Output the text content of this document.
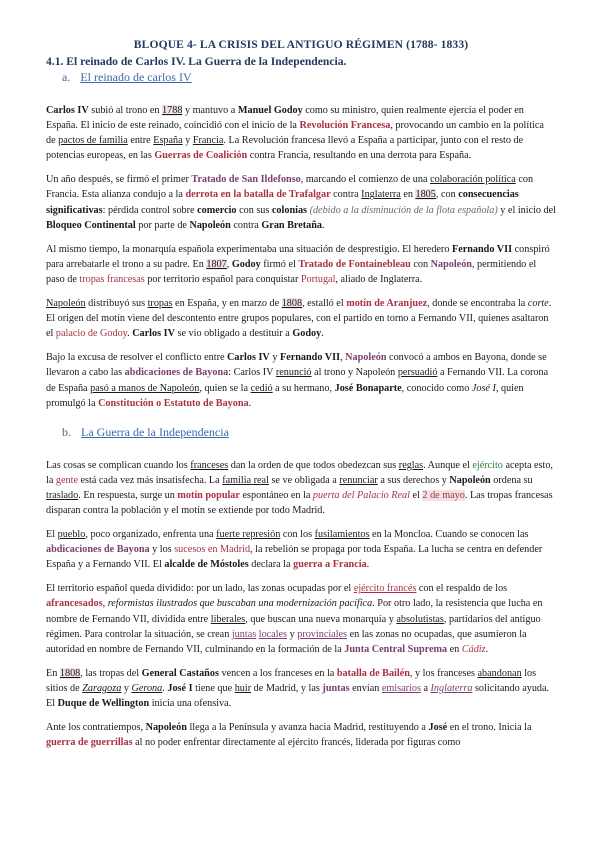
BLOQUE 4- LA CRISIS DEL ANTIGUO RÉGIMEN (1788- 1833)
4.1. El reinado de Carlos IV. La Guerra de la Independencia.
a. El reinado de carlos IV

Carlos IV subió al trono en 1788 y mantuvo a Manuel Godoy como su ministro, quien realmente ejercía el poder en España. El inicio de este reinado, coincidió con el inicio de la Revolución Francesa, provocando un cambio en la política de pactos de familia entre España y Francia. La Revolución francesa llevó a España a participar, junto con el resto de potencias europeas, en las Guerras de Coalición contra Francia, resultando en una derrota para España.

Un año después, se firmó el primer Tratado de San Ildefonso, marcando el comienzo de una colaboración política con Francia. Esta alianza condujo a la derrota en la batalla de Trafalgar contra Inglaterra en 1805, con consecuencias significativas: pérdida control sobre comercio con sus colonias (debido a la disminución de la flota española) y el inicio del Bloqueo Continental por parte de Napoleón contra Gran Bretaña.

Al mismo tiempo, la monarquía española experimentaba una situación de desprestigio. El heredero Fernando VII conspiró para arrebatarle el trono a su padre. En 1807, Godoy firmó el Tratado de Fontainebleau con Napoleón, permitiendo el paso de tropas francesas por territorio español para conquistar Portugal, aliado de Inglaterra.

Napoleón distribuyó sus tropas en España, y en marzo de 1808, estalló el motín de Aranjuez, donde se encontraba la corte. El origen del motín viene del descontento entre grupos populares, con el partido en torno a Fernando VII, quienes asaltaron el palacio de Godoy. Carlos IV se vio obligado a destituir a Godoy.

Bajo la excusa de resolver el conflicto entre Carlos IV y Fernando VII, Napoleón convocó a ambos en Bayona, donde se llevaron a cabo las abdicaciones de Bayona: Carlos IV renunció al trono y Napoleón persuadió a Fernando VII. La corona de España pasó a manos de Napoleón, quien se la cedió a su hermano, José Bonaparte, conocido como José I, quien promulgó la Constitución o Estatuto de Bayona.

b. La Guerra de la Independencia

Las cosas se complican cuando los franceses dan la orden de que todos obedezcan sus reglas. Aunque el ejército acepta esto, la gente está cada vez más insatisfecha. La familia real se ve obligada a renunciar a sus derechos y Napoleón ordena su traslado. En respuesta, surge un motín popular espontáneo en la puerta del Palacio Real el 2 de mayo. Las tropas francesas disparan contra la población y el motín se extiende por todo Madrid.

El pueblo, poco organizado, enfrenta una fuerte represión con los fusilamientos en la Moncloa. Cuando se conocen las abdicaciones de Bayona y los sucesos en Madrid, la rebelión se propaga por toda España. La lucha se centra en defender España y a Fernando VII. El alcalde de Móstoles declara la guerra a Francia.

El territorio español queda dividido: por un lado, las zonas ocupadas por el ejército francés con el respaldo de los afrancesados, reformistas ilustrados que buscaban una modernización pacífica. Por otro lado, la resistencia que lucha en nombre de Fernando VII, dividida entre liberales, que buscan una nueva monarquía y absolutistas, partidarios del antiguo régimen. Para controlar la situación, se crean juntas locales y provinciales en las zonas no ocupadas, que asumieron la autoridad en nombre de Fernando VII, culminando en la formación de la Junta Central Suprema en Cádiz.

En 1808, las tropas del General Castaños vencen a los franceses en la batalla de Bailén, y los franceses abandonan los sitios de Zaragoza y Gerona. José I tiene que huir de Madrid, y las juntas envían emisarios a Inglaterra solicitando ayuda. El Duque de Wellington inicia una ofensiva.

Ante los contratiempos, Napoleón llega a la Península y avanza hacia Madrid, restituyendo a José en el trono. Inicia la guerra de guerrillas al no poder enfrentar directamente al ejército francés, liderada por figuras como
